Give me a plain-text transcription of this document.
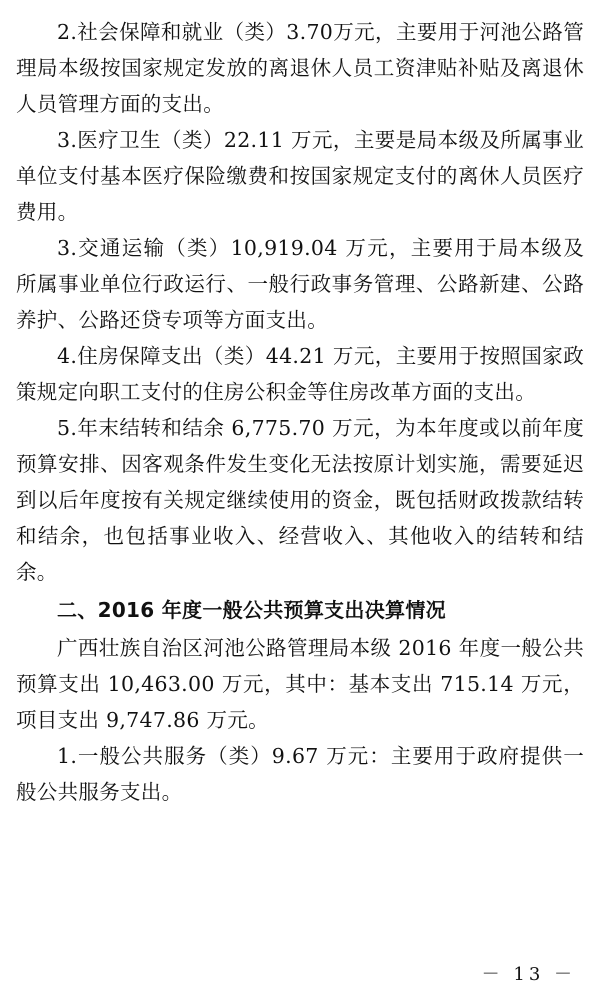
2.社会保障和就业（类）3.70万元，主要用于河池公路管理局本级按国家规定发放的离退休人员工资津贴补贴及离退休人员管理方面的支出。

3.医疗卫生（类）22.11 万元，主要是局本级及所属事业单位支付基本医疗保险缴费和按国家规定支付的离休人员医疗费用。

3.交通运输（类）10,919.04 万元，主要用于局本级及所属事业单位行政运行、一般行政事务管理、公路新建、公路养护、公路还贷专项等方面支出。

4.住房保障支出（类）44.21 万元，主要用于按照国家政策规定向职工支付的住房公积金等住房改革方面的支出。

5.年末结转和结余 6,775.70 万元，为本年度或以前年度预算安排、因客观条件发生变化无法按原计划实施，需要延迟到以后年度按有关规定继续使用的资金，既包括财政拨款结转和结余，也包括事业收入、经营收入、其他收入的结转和结余。

二、2016 年度一般公共预算支出决算情况

广西壮族自治区河池公路管理局本级 2016 年度一般公共预算支出 10,463.00 万元，其中：基本支出 715.14 万元，项目支出 9,747.86 万元。

1.一般公共服务（类）9.67 万元：主要用于政府提供一般公共服务支出。

－ 13 －
